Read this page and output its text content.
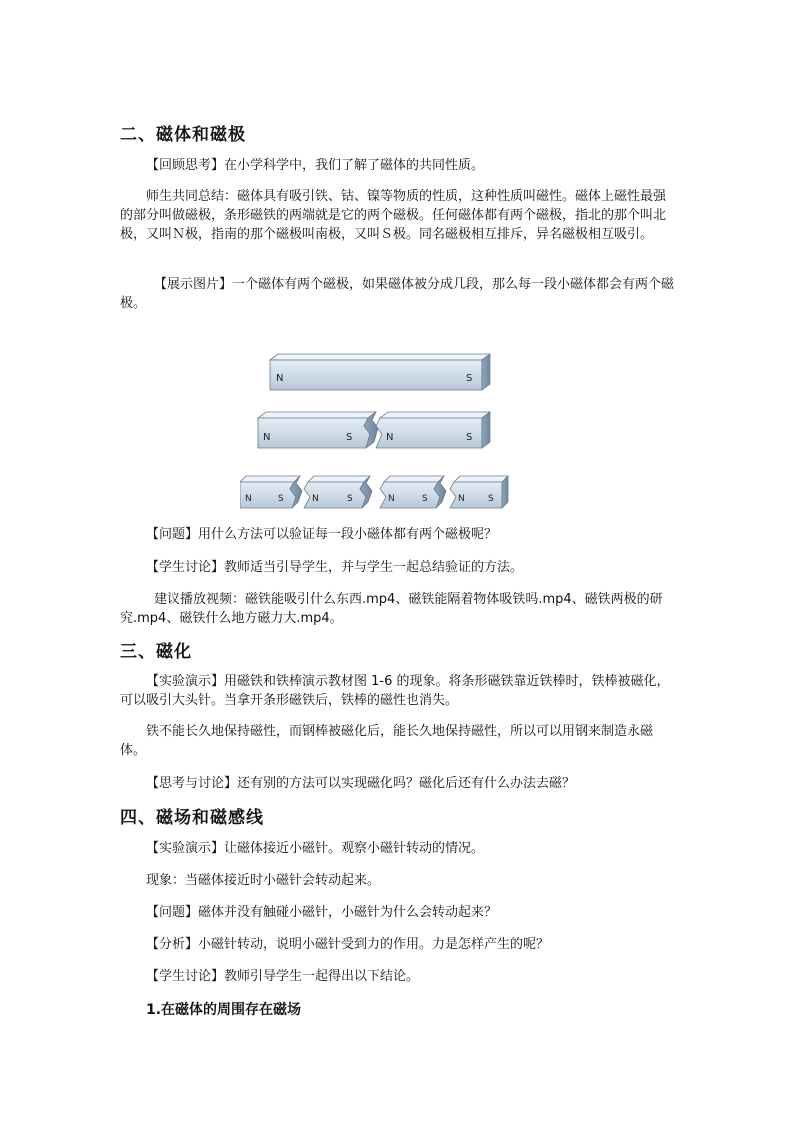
二、磁体和磁极
【回顾思考】在小学科学中，我们了解了磁体的共同性质。
师生共同总结：磁体具有吸引铁、钴、镍等物质的性质，这种性质叫磁性。磁体上磁性最强的部分叫做磁极，条形磁铁的两端就是它的两个磁极。任何磁体都有两个磁极，指北的那个叫北极，又叫Ｎ极，指南的那个磁极叫南极，又叫Ｓ极。同名磁极相互排斥，异名磁极相互吸引。
【展示图片】一个磁体有两个磁极，如果磁体被分成几段，那么每一段小磁体都会有两个磁极。
N	S
N	S	N	S
N	S	N	S	N	S	N	S
【问题】用什么方法可以验证每一段小磁体都有两个磁极呢？
【学生讨论】教师适当引导学生，并与学生一起总结验证的方法。
建议播放视频：磁铁能吸引什么东西.mp4、磁铁能隔着物体吸铁吗.mp4、磁铁两极的研究.mp4、磁铁什么地方磁力大.mp4。
三、磁化
【实验演示】用磁铁和铁棒演示教材图 1-6 的现象。将条形磁铁靠近铁棒时，铁棒被磁化，可以吸引大头针。当拿开条形磁铁后，铁棒的磁性也消失。
铁不能长久地保持磁性，而钢棒被磁化后，能长久地保持磁性，所以可以用钢来制造永磁体。
【思考与讨论】还有别的方法可以实现磁化吗？磁化后还有什么办法去磁？
四、磁场和磁感线
【实验演示】让磁体接近小磁针。观察小磁针转动的情况。
现象：当磁体接近时小磁针会转动起来。
【问题】磁体并没有触碰小磁针，小磁针为什么会转动起来？
【分析】小磁针转动，说明小磁针受到力的作用。力是怎样产生的呢？
【学生讨论】教师引导学生一起得出以下结论。
1.在磁体的周围存在磁场
